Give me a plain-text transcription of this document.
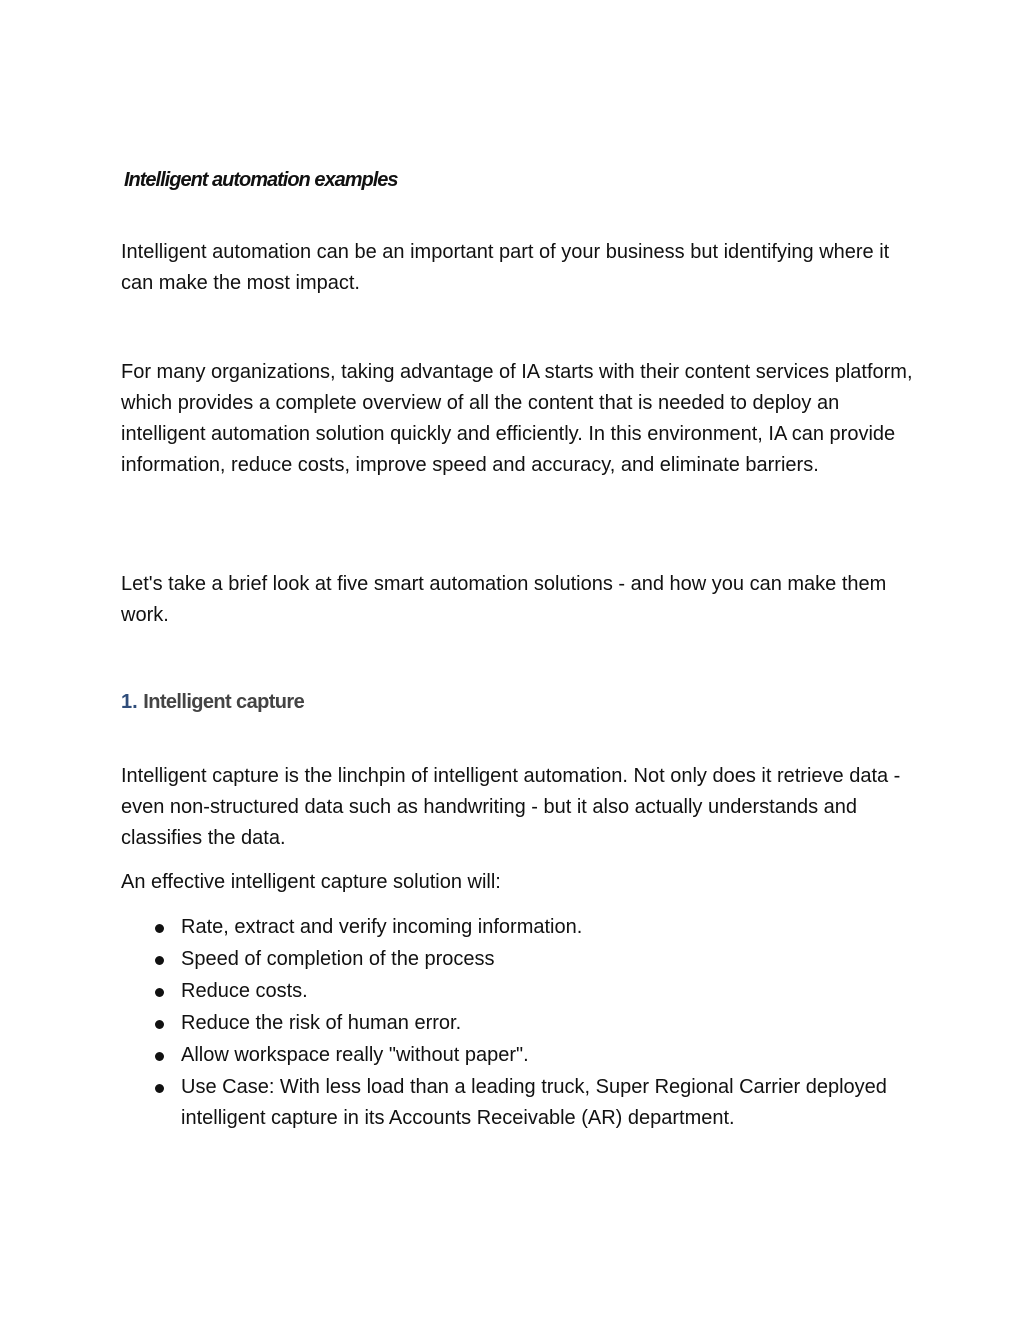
Intelligent automation examples

Intelligent automation can be an important part of your business but identifying where it can make the most impact.

For many organizations, taking advantage of IA starts with their content services platform, which provides a complete overview of all the content that is needed to deploy an intelligent automation solution quickly and efficiently. In this environment, IA can provide information, reduce costs, improve speed and accuracy, and eliminate barriers.

Let's take a brief look at five smart automation solutions - and how you can make them work.

1. Intelligent capture

Intelligent capture is the linchpin of intelligent automation. Not only does it retrieve data - even non-structured data such as handwriting - but it also actually understands and classifies the data.

An effective intelligent capture solution will:

Rate, extract and verify incoming information.
Speed of completion of the process
Reduce costs.
Reduce the risk of human error.
Allow workspace really "without paper".
Use Case: With less load than a leading truck, Super Regional Carrier deployed intelligent capture in its Accounts Receivable (AR) department.
